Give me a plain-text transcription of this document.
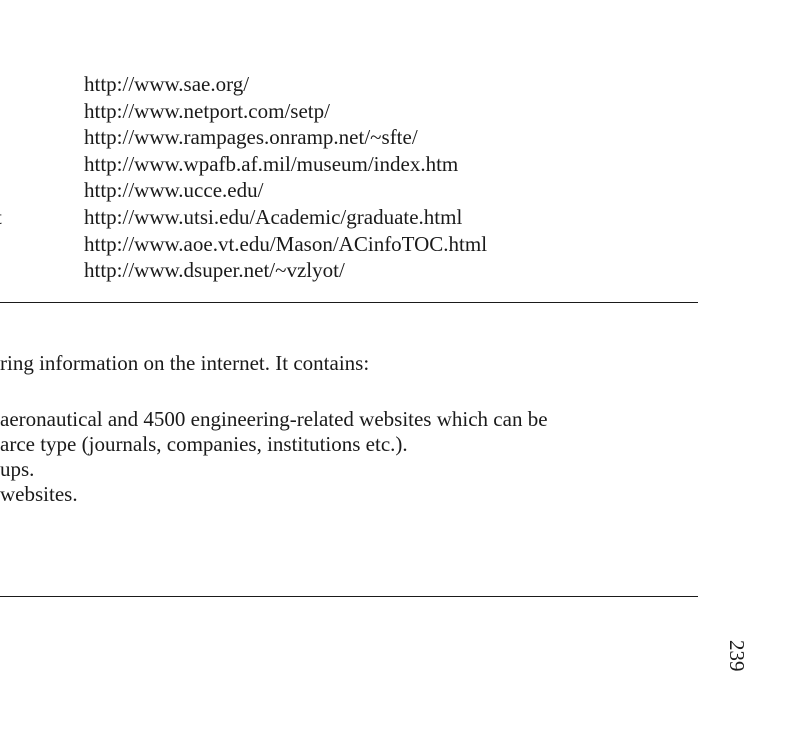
http://www.sae.org/
http://www.netport.com/setp/
http://www.rampages.onramp.net/~sfte/
http://www.wpafb.af.mil/museum/index.htm
http://www.ucce.edu/
http://www.utsi.edu/Academic/graduate.html
http://www.aoe.vt.edu/Mason/ACinfoTOC.html
http://www.dsuper.net/~vzlyot/
ring information on the internet. It contains:
aeronautical and 4500 engineering-related websites which can be
arce type (journals, companies, institutions etc.).
ups.
websites.
239
